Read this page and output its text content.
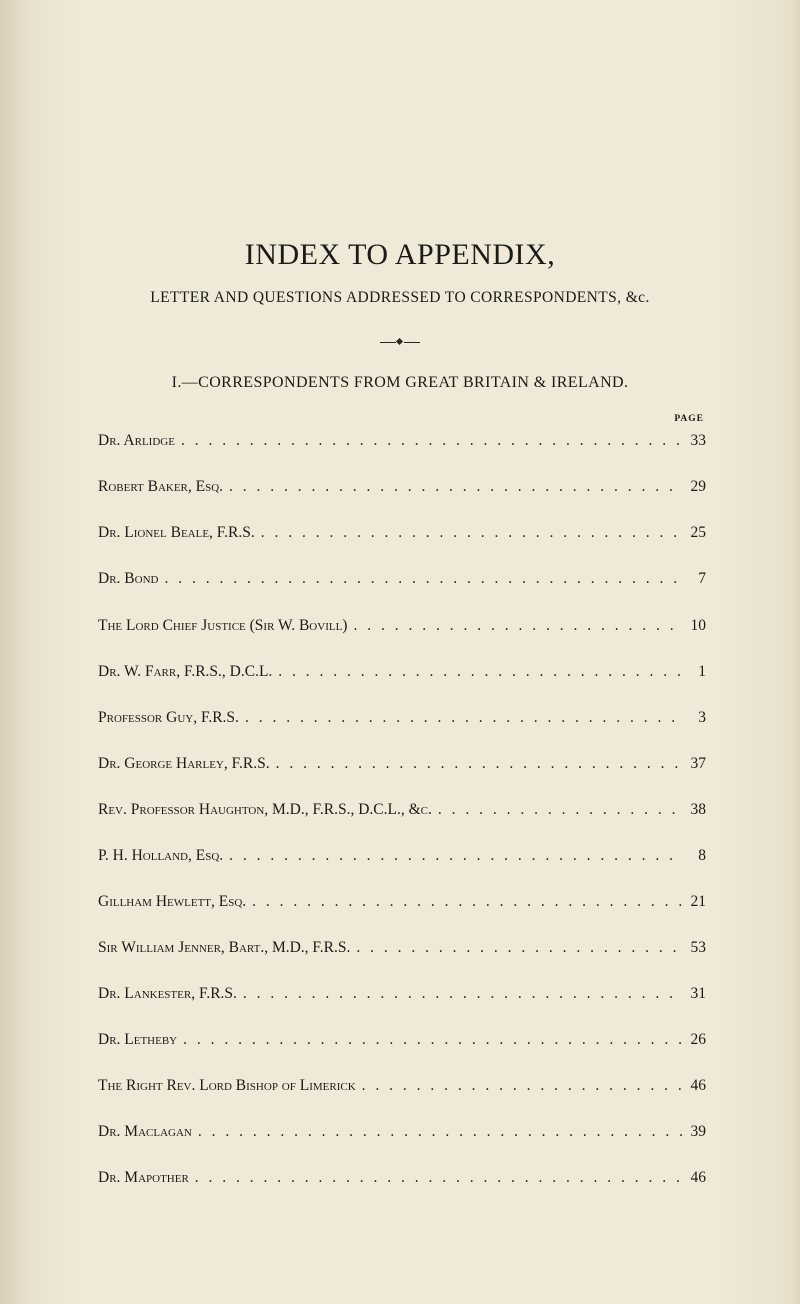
INDEX TO APPENDIX,
LETTER AND QUESTIONS ADDRESSED TO CORRESPONDENTS, &c.
I.—CORRESPONDENTS FROM GREAT BRITAIN & IRELAND.
PAGE
Dr. Arlidge . . .	33
Robert Baker, Esq. . . .	29
Dr. Lionel Beale, F.R.S. . . .	25
Dr. Bond . . .	7
The Lord Chief Justice (Sir W. Bovill) . . .	10
Dr. W. Farr, F.R.S., D.C.L. . . .	1
Professor Guy, F.R.S. . . .	3
Dr. George Harley, F.R.S. . . .	37
Rev. Professor Haughton, M.D., F.R.S., D.C.L., &c. . . .	38
P. H. Holland, Esq. . . .	8
Gillham Hewlett, Esq. . . .	21
Sir William Jenner, Bart., M.D., F.R.S. . . .	53
Dr. Lankester, F.R.S. . . .	31
Dr. Letheby . . .	26
The Right Rev. Lord Bishop of Limerick . . .	46
Dr. Maclagan . . .	39
Dr. Mapother . . .	46
